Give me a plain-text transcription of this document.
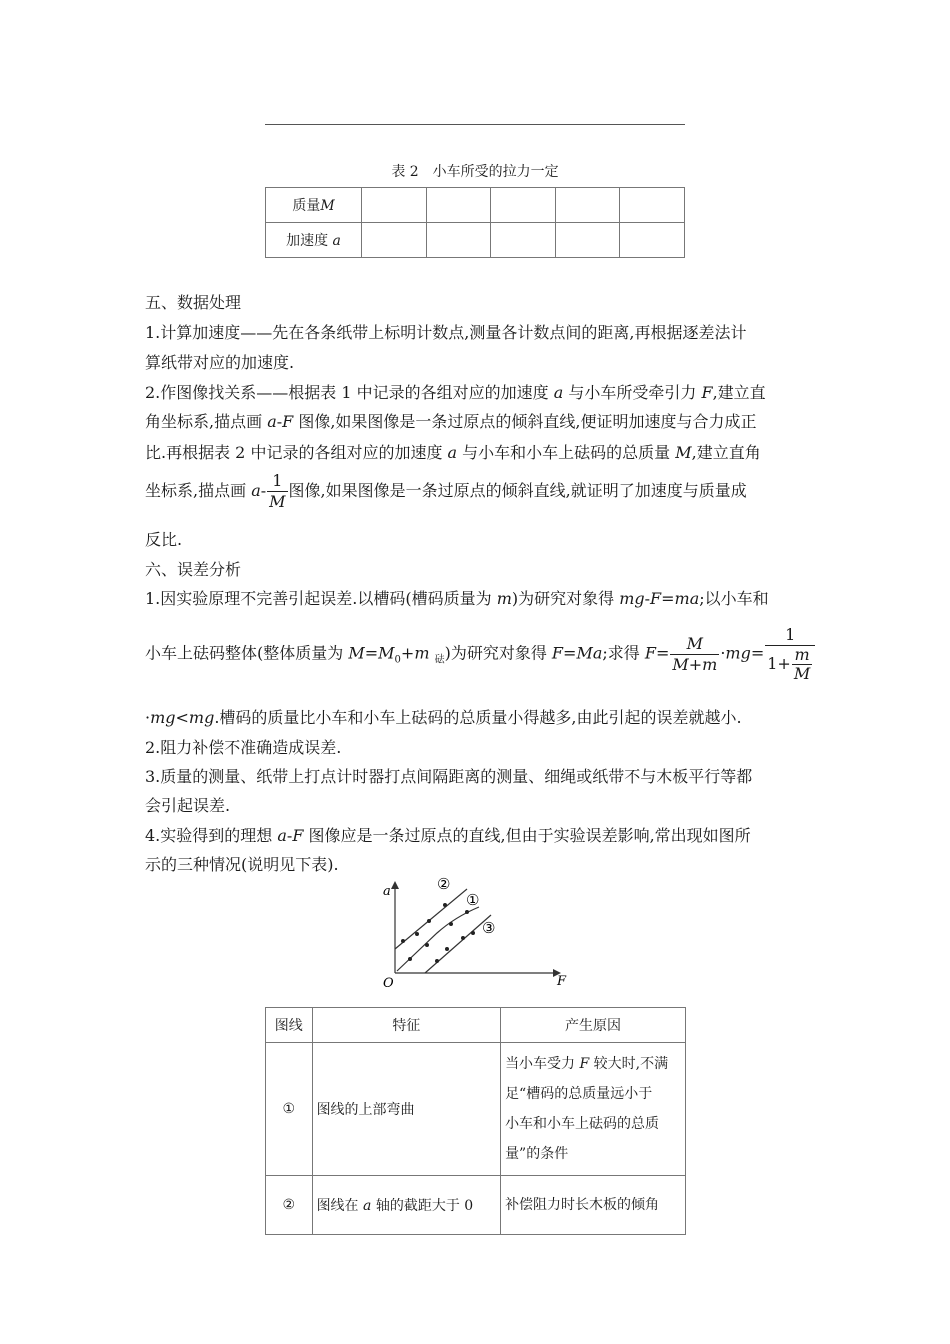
表 2　小车所受的拉力一定
质量M					
加速度 a					
五、数据处理
1.计算加速度——先在各条纸带上标明计数点,测量各计数点间的距离,再根据逐差法计
算纸带对应的加速度.
2.作图像找关系——根据表 1 中记录的各组对应的加速度 a 与小车所受牵引力 F,建立直
角坐标系,描点画 a-F 图像,如果图像是一条过原点的倾斜直线,便证明加速度与合力成正
比.再根据表 2 中记录的各组对应的加速度 a 与小车和小车上砝码的总质量 M,建立直角
坐标系,描点画 $a- \frac{1}{M}$ 图像,如果图像是一条过原点的倾斜直线,就证明了加速度与质量成
反比.
六、误差分析
1.因实验原理不完善引起误差.以槽码(槽码质量为 m)为研究对象得 mg-F=ma;以小车和
小车上砝码整体(整体质量为 $M=M_0+m$ $_砝$)为研究对象得 F=Ma;求得 $F= \frac{M}{M+m} \cdot mg= \frac{1}{1+ \frac{m}{M}}$
·mg<mg.槽码的质量比小车和小车上砝码的总质量小得越多,由此引起的误差就越小.
2.阻力补偿不准确造成误差.
3.质量的测量、纸带上打点计时器打点间隔距离的测量、细绳或纸带不与木板平行等都
会引起误差.
4.实验得到的理想 a-F 图像应是一条过原点的直线,但由于实验误差影响,常出现如图所
示的三种情况(说明见下表).
a
F
O
②
①
③
图线	特征	产生原因
①	图线的上部弯曲	当小车受力 F 较大时,不满
足“槽码的总质量远小于
小车和小车上砝码的总质
量”的条件
②	图线在 a 轴的截距大于 0	补偿阻力时长木板的倾角
